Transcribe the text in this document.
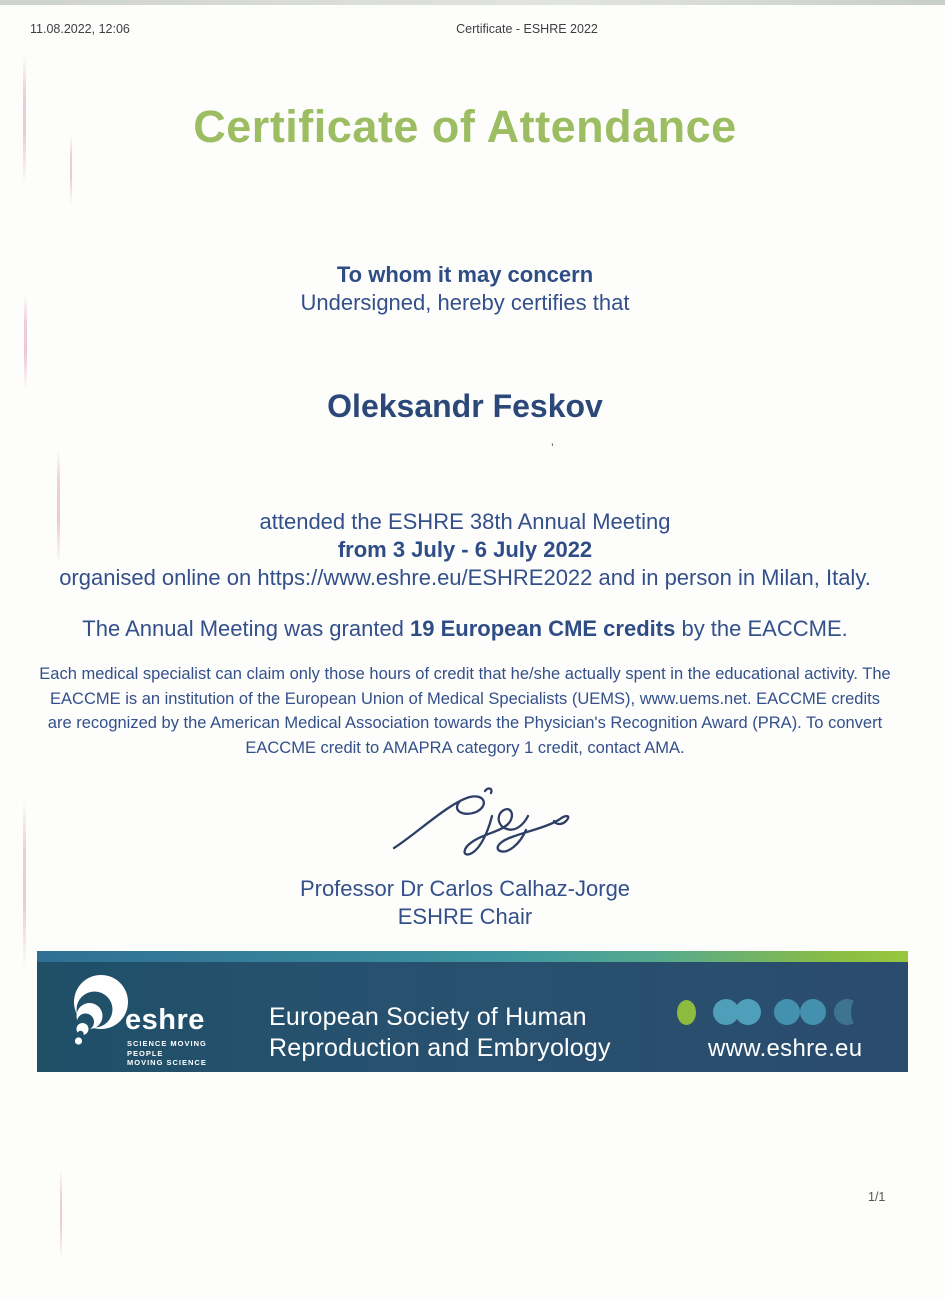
11.08.2022, 12:06	Certificate - ESHRE 2022
Certificate of Attendance
To whom it may concern
Undersigned, hereby certifies that
Oleksandr Feskov
’
attended the ESHRE 38th Annual Meeting
from 3 July - 6 July 2022
organised online on https://www.eshre.eu/ESHRE2022 and in person in Milan, Italy.
The Annual Meeting was granted 19 European CME credits by the EACCME.
Each medical specialist can claim only those hours of credit that he/she actually spent in the educational activity. The
EACCME is an institution of the European Union of Medical Specialists (UEMS), www.uems.net. EACCME credits
are recognized by the American Medical Association towards the Physician's Recognition Award (PRA). To convert
EACCME credit to AMAPRA category 1 credit, contact AMA.
Professor Dr Carlos Calhaz-Jorge
ESHRE Chair
eshre
SCIENCE MOVING
PEOPLE
MOVING SCIENCE
European Society of Human
Reproduction and Embryology	www.eshre.eu
1/1
